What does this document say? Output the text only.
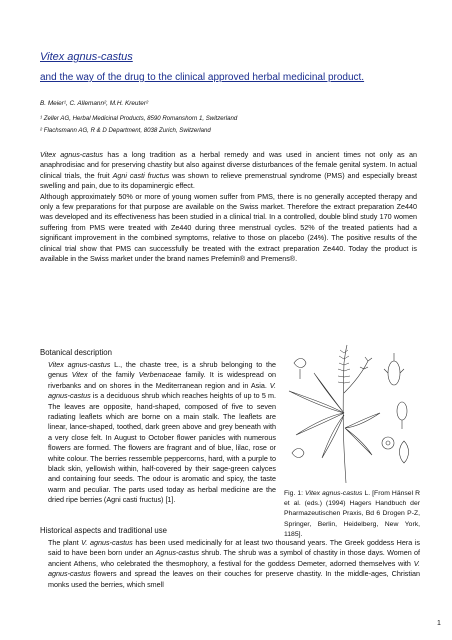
Vitex agnus-castus
and the way of the drug to the clinical approved herbal medicinal product.
B. Meier¹, C. Allemann², M.H. Kreuter²
¹ Zeller AG, Herbal Medicinal Products, 8590 Romanshorn 1, Switzerland
² Flachsmann AG, R & D Department, 8038 Zurich, Switzerland

Vitex agnus-castus has a long tradition as a herbal remedy and was used in ancient times not only as an anaphrodisiac and for preserving chastity but also against diverse disturbances of the female genital system. In actual clinical trials, the fruit Agni casti fructus was shown to relieve premenstrual syndrome (PMS) and especially breast swelling and pain, due to its dopaminergic effect.

Although approximately 50% or more of young women suffer from PMS, there is no generally accepted therapy and only a few preparations for that purpose are available on the Swiss market. Therefore the extract preparation Ze440 was developed and its effectiveness has been studied in a clinical trial. In a controlled, double blind study 170 women suffering from PMS were treated with Ze440 during three menstrual cycles. 52% of the treated patients had a significant improvement in the combined symptoms, relative to those on placebo (24%). The positive results of the clinical trial show that PMS can successfully be treated with the extract preparation Ze440. Today the product is available in the Swiss market under the brand names Prefemin® and Premens®.

Botanical description
Vitex agnus-castus L., the chaste tree, is a shrub belonging to the genus Vitex of the family Verbenaceae family. It is widespread on riverbanks and on shores in the Mediterranean region and in Asia. V. agnus-castus is a deciduous shrub which reaches heights of up to 5 m. The leaves are opposite, hand-shaped, composed of five to seven radiating leaflets which are borne on a main stalk. The leaflets are linear, lance-shaped, toothed, dark green above and grey beneath with a very close felt. In August to October flower panicles with numerous flowers are formed. The flowers are fragrant and of blue, lilac, rose or white colour. The berries ressemble peppercorns, hard, with a purple to black skin, yellowish within, half-covered by their sage-green calyces and containing four seeds. The odour is aromatic and spicy, the taste warm and peculiar. The parts used today as herbal medicine are the dried ripe berries (Agni casti fructus) [1].
Fig. 1: Vitex agnus-castus L. [From Hänsel R et al. (eds.) (1994) Hagers Handbuch der Pharmazeutischen Praxis, Bd 6 Drogen P-Z, Springer, Berlin, Heidelberg, New York, 1185].
Historical aspects and traditional use
The plant V. agnus-castus has been used medicinally for at least two thousand years. The Greek goddess Hera is said to have been born under an Agnus-castus shrub. The shrub was a symbol of chastity in those days. Women of ancient Athens, who celebrated the thesmophory, a festival for the goddess Demeter, adorned themselves with V. agnus-castus flowers and spread the leaves on their couches for preserve chastity. In the middle-ages, Christian monks used the berries, which smell
1
